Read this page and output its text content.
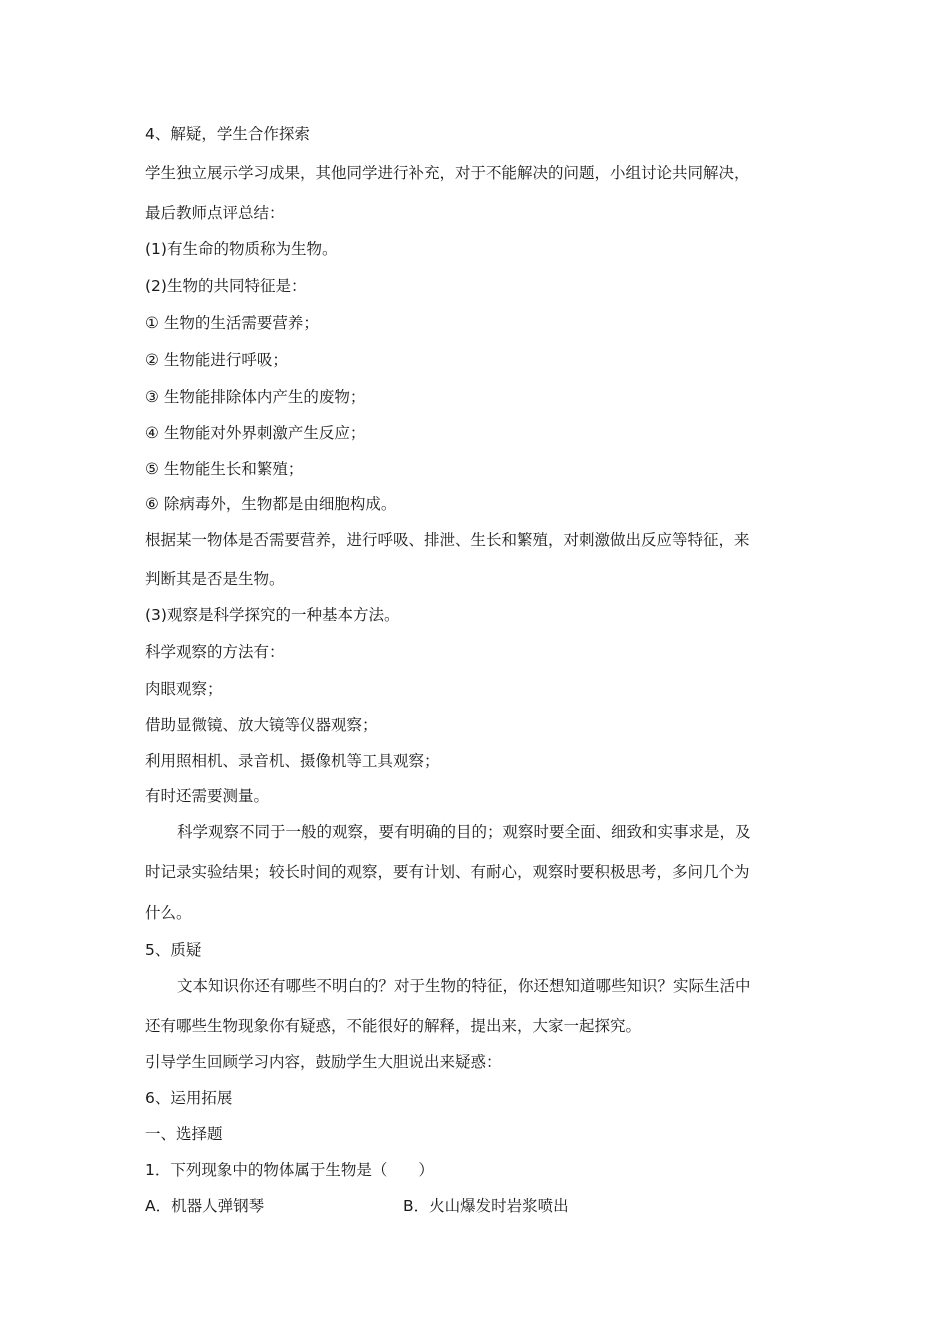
4、解疑，学生合作探索
学生独立展示学习成果，其他同学进行补充，对于不能解决的问题，小组讨论共同解决，
最后教师点评总结：
(1)有生命的物质称为生物。
(2)生物的共同特征是：
① 生物的生活需要营养；
② 生物能进行呼吸；
③ 生物能排除体内产生的废物；
④ 生物能对外界刺激产生反应；
⑤ 生物能生长和繁殖；
⑥ 除病毒外，生物都是由细胞构成。
根据某一物体是否需要营养，进行呼吸、排泄、生长和繁殖，对刺激做出反应等特征，来
判断其是否是生物。
(3)观察是科学探究的一种基本方法。
科学观察的方法有：
肉眼观察；
借助显微镜、放大镜等仪器观察；
利用照相机、录音机、摄像机等工具观察；
有时还需要测量。
科学观察不同于一般的观察，要有明确的目的；观察时要全面、细致和实事求是，及
时记录实验结果；较长时间的观察，要有计划、有耐心，观察时要积极思考，多问几个为
什么。
5、质疑
文本知识你还有哪些不明白的？对于生物的特征，你还想知道哪些知识？实际生活中
还有哪些生物现象你有疑惑，不能很好的解释，提出来，大家一起探究。
引导学生回顾学习内容，鼓励学生大胆说出来疑惑：
6、运用拓展
一、选择题
1．下列现象中的物体属于生物是（　　）
A．机器人弹钢琴	B．火山爆发时岩浆喷出
